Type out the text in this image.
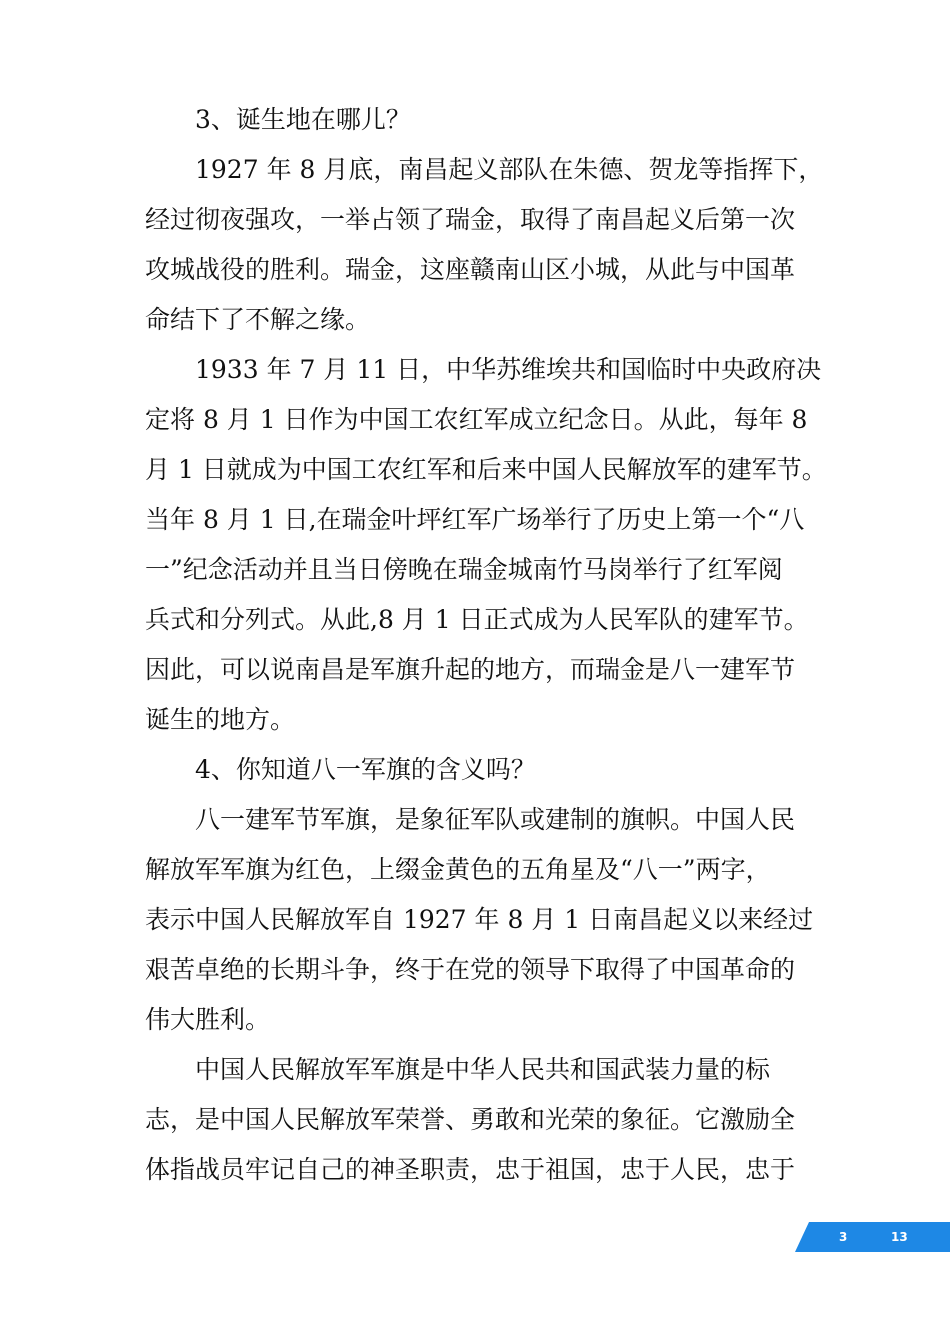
3、诞生地在哪儿？
1927 年 8 月底，南昌起义部队在朱德、贺龙等指挥下，
经过彻夜强攻，一举占领了瑞金，取得了南昌起义后第一次
攻城战役的胜利。瑞金，这座赣南山区小城，从此与中国革
命结下了不解之缘。
1933 年 7 月 11 日，中华苏维埃共和国临时中央政府决
定将 8 月 1 日作为中国工农红军成立纪念日。从此，每年 8
月 1 日就成为中国工农红军和后来中国人民解放军的建军节。
当年 8 月 1 日,在瑞金叶坪红军广场举行了历史上第一个“八
一”纪念活动并且当日傍晚在瑞金城南竹马岗举行了红军阅
兵式和分列式。从此,8 月 1 日正式成为人民军队的建军节。
因此，可以说南昌是军旗升起的地方，而瑞金是八一建军节
诞生的地方。
4、你知道八一军旗的含义吗？
八一建军节军旗，是象征军队或建制的旗帜。中国人民
解放军军旗为红色，上缀金黄色的五角星及“八一”两字，
表示中国人民解放军自 1927 年 8 月 1 日南昌起义以来经过
艰苦卓绝的长期斗争，终于在党的领导下取得了中国革命的
伟大胜利。
中国人民解放军军旗是中华人民共和国武装力量的标
志，是中国人民解放军荣誉、勇敢和光荣的象征。它激励全
体指战员牢记自己的神圣职责，忠于祖国，忠于人民，忠于
3	13
